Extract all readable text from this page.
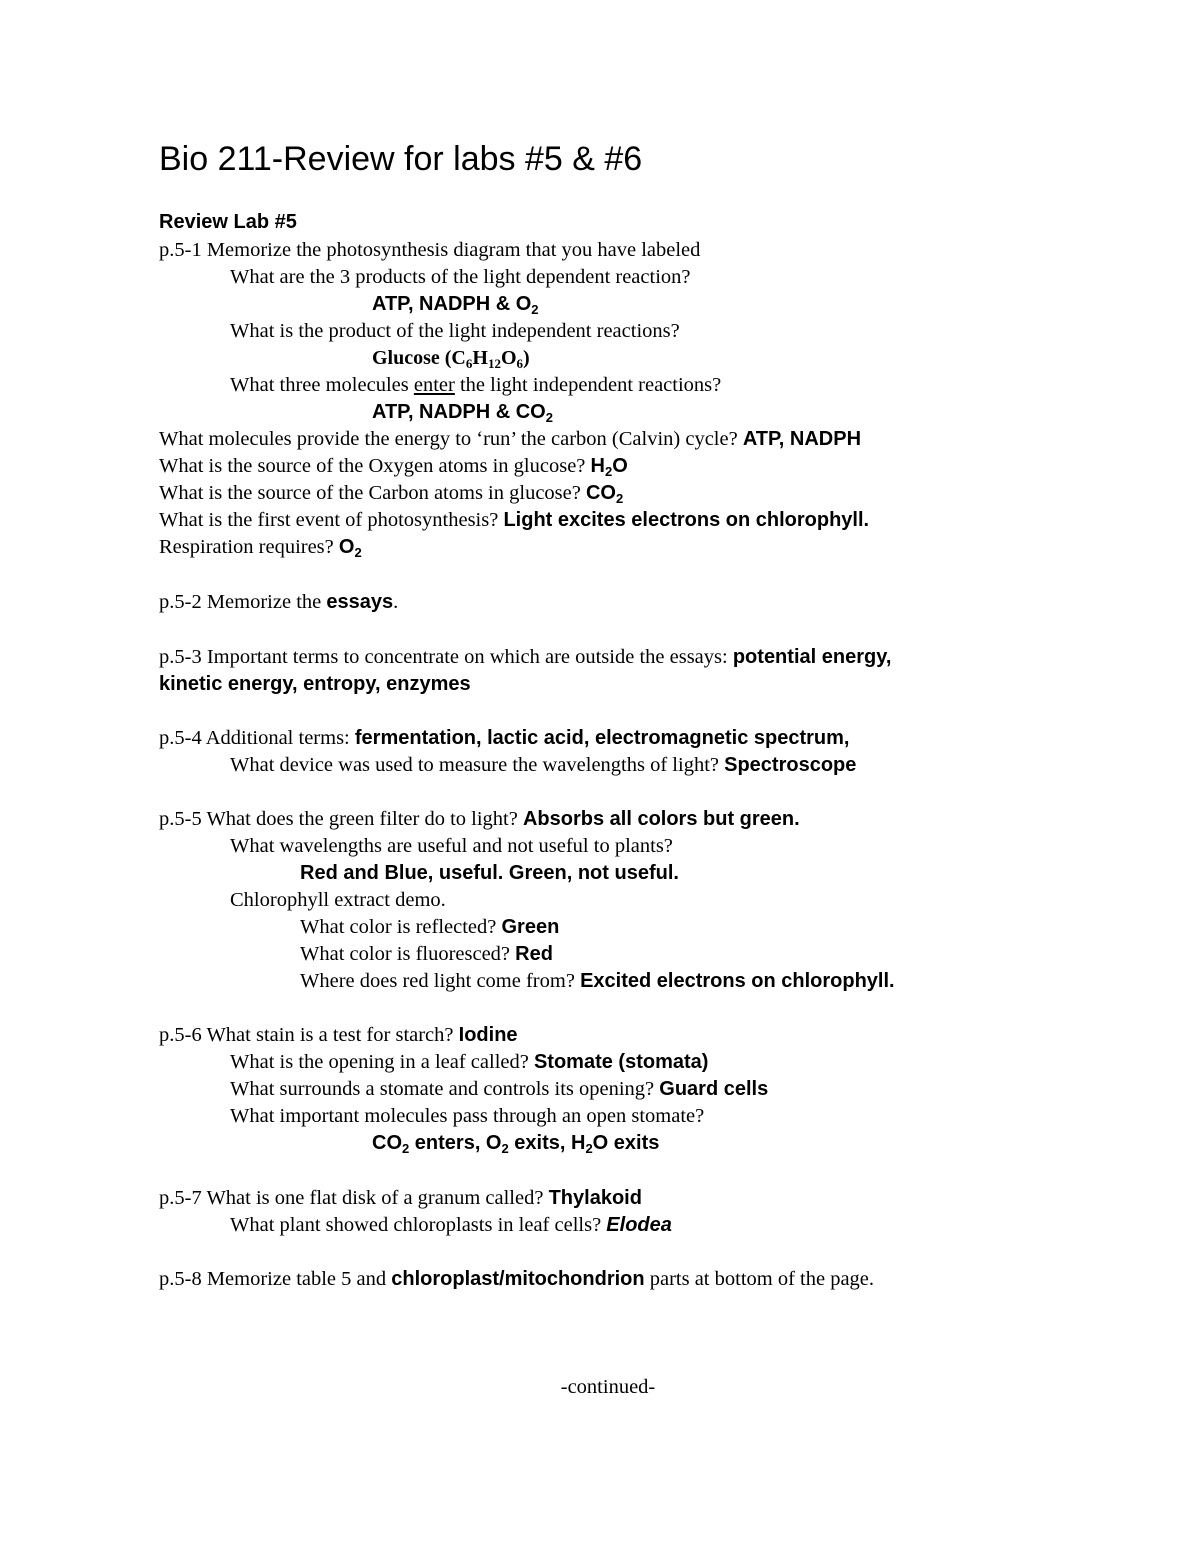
Bio 211-Review for labs #5 & #6
Review Lab #5
p.5-1 Memorize the photosynthesis diagram that you have labeled
What are the 3 products of the light dependent reaction?
ATP, NADPH & $O_2$
What is the product of the light independent reactions?
Glucose $(C_6H_{12}O_6)$
What three molecules enter the light independent reactions?
ATP, NADPH & $CO_2$
What molecules provide the energy to ‘run’ the carbon (Calvin) cycle? ATP, NADPH
What is the source of the Oxygen atoms in glucose? $H_2O$
What is the source of the Carbon atoms in glucose? $CO_2$
What is the first event of photosynthesis? Light excites electrons on chlorophyll.
Respiration requires? $O_2$
p.5-2 Memorize the essays.
p.5-3 Important terms to concentrate on which are outside the essays: potential energy,
kinetic energy, entropy, enzymes
p.5-4 Additional terms: fermentation, lactic acid, electromagnetic spectrum,
What device was used to measure the wavelengths of light? Spectroscope
p.5-5 What does the green filter do to light? Absorbs all colors but green.
What wavelengths are useful and not useful to plants?
Red and Blue, useful. Green, not useful.
Chlorophyll extract demo.
What color is reflected? Green
What color is fluoresced? Red
Where does red light come from? Excited electrons on chlorophyll.
p.5-6 What stain is a test for starch? Iodine
What is the opening in a leaf called? Stomate (stomata)
What surrounds a stomate and controls its opening? Guard cells
What important molecules pass through an open stomate?
$CO_2$ enters, $O_2$ exits, $H_2O$ exits
p.5-7 What is one flat disk of a granum called? Thylakoid
What plant showed chloroplasts in leaf cells? Elodea
p.5-8 Memorize table 5 and chloroplast/mitochondrion parts at bottom of the page.
-continued-
